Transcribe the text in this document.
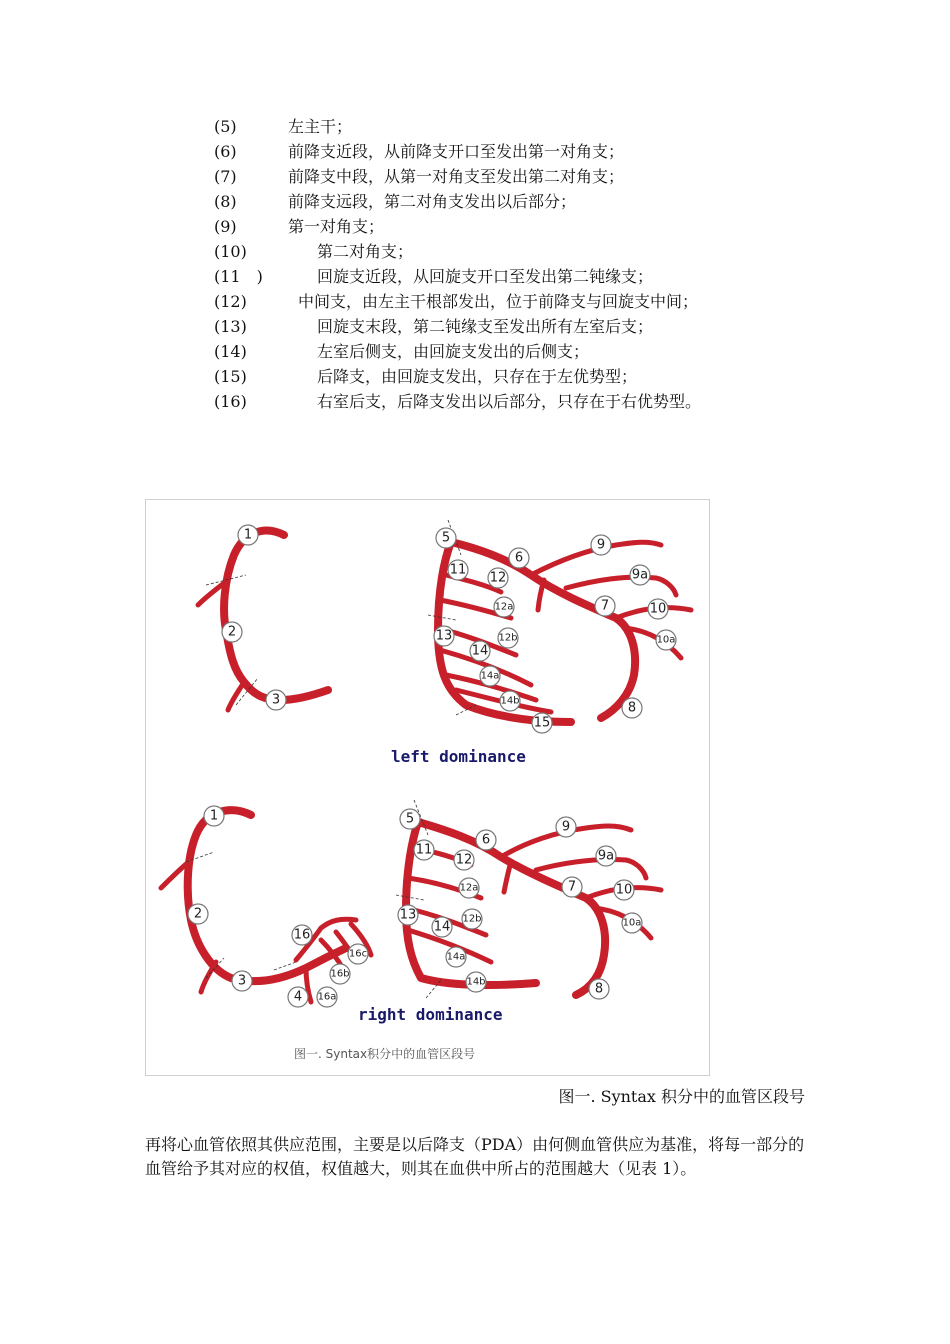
(5)	左主干；
(6)	前降支近段，从前降支开口至发出第一对角支；
(7)	前降支中段，从第一对角支至发出第二对角支；
(8)	前降支远段，第二对角支发出以后部分；
(9)	第一对角支；
(10)	第二对角支；
(11　)	回旋支近段，从回旋支开口至发出第二钝缘支；
(12)	中间支，由左主干根部发出，位于前降支与回旋支中间；
(13)	回旋支末段，第二钝缘支至发出所有左室后支；
(14)	左室后侧支，由回旋支发出的后侧支；
(15)	后降支，由回旋支发出，只存在于左优势型；
(16)	右室后支，后降支发出以后部分，只存在于右优势型。
1
2
3
5
6
7
8
9
9a
10
10a
11
12
12a
12b
13
14
14a
14b
15
1
2
3
4
16
16a
16b
16c
5
6
7
8
9
9a
10
10a
11
12
12a
12b
13
14
14a
14b
left dominance
right dominance
图一. Syntax积分中的血管区段号
图一. Syntax 积分中的血管区段号
再将心血管依照其供应范围，主要是以后降支（PDA）由何侧血管供应为基准，将每一部分的血管给予其对应的权值，权值越大，则其在血供中所占的范围越大（见表 1）。
